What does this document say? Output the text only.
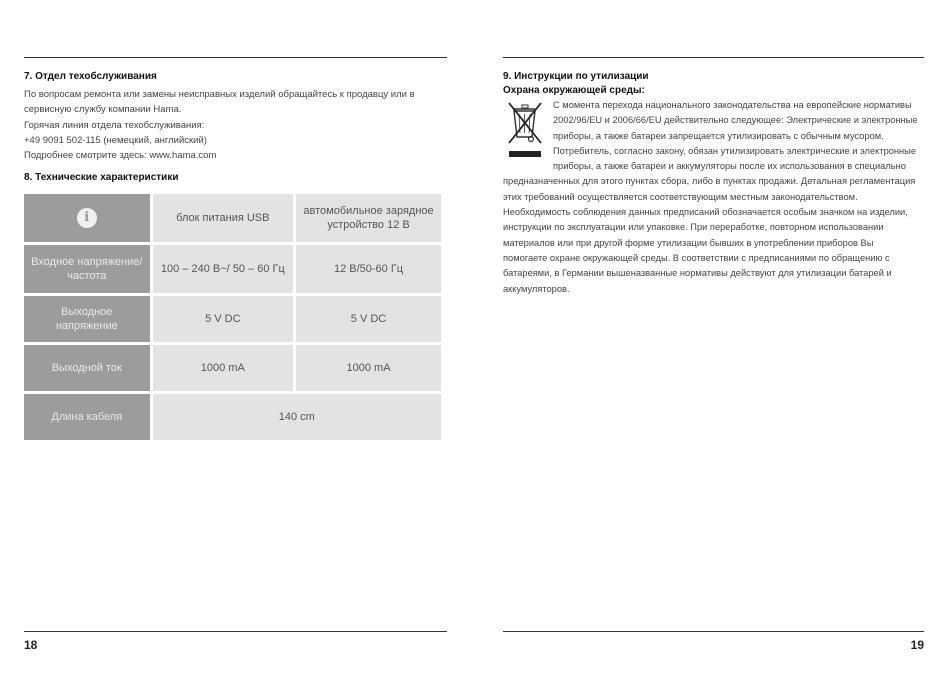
7. Отдел техобслуживания

По вопросам ремонта или замены неисправных изделий обращайтесь к продавцу или в

сервисную службу компании Hama.

Горячая линия отдела техобслуживания:

+49 9091 502-115 (немецкий, английский)

Подробнее смотрите здесь: www.hama.com

8. Технические характеристики
i	блок питания USB	автомобильное зарядное устройство 12 В
Входное напряжение/ частота	100 – 240 В~/ 50 – 60 Гц	12 В/50-60 Гц
Выходное напряжение	5 V DC	5 V DC
Выходной ток	1000 mA	1000 mA
Длина кабеля	140 cm	
18
9. Инструкции по утилизации
Охрана окружающей среды:

С момента перехода национального законодательства на европейские нормативы

2002/96/EU и 2006/66/EU действительно следующее: Электрические и электронные

приборы, а также батареи запрещается утилизировать с обычным мусором.

Потребитель, согласно закону, обязан утилизировать электрические и электронные

приборы, а также батареи и аккумуляторы после их использования в специально

предназначенных для этого пунктах сбора, либо в пунктах продажи. Детальная регламентация

этих требований осуществляется соответствующим местным законодательством.

Необходимость соблюдения данных предписаний обозначается особым значком на изделии,

инструкции по эксплуатации или упаковке. При переработке, повторном использовании

материалов или при другой форме утилизации бывших в употреблении приборов Вы

помогаете охране окружающей среды. В соответствии с предписаниями по обращению с

батареями, в Германии вышеназванные нормативы действуют для утилизации батарей и

аккумуляторов.

19
